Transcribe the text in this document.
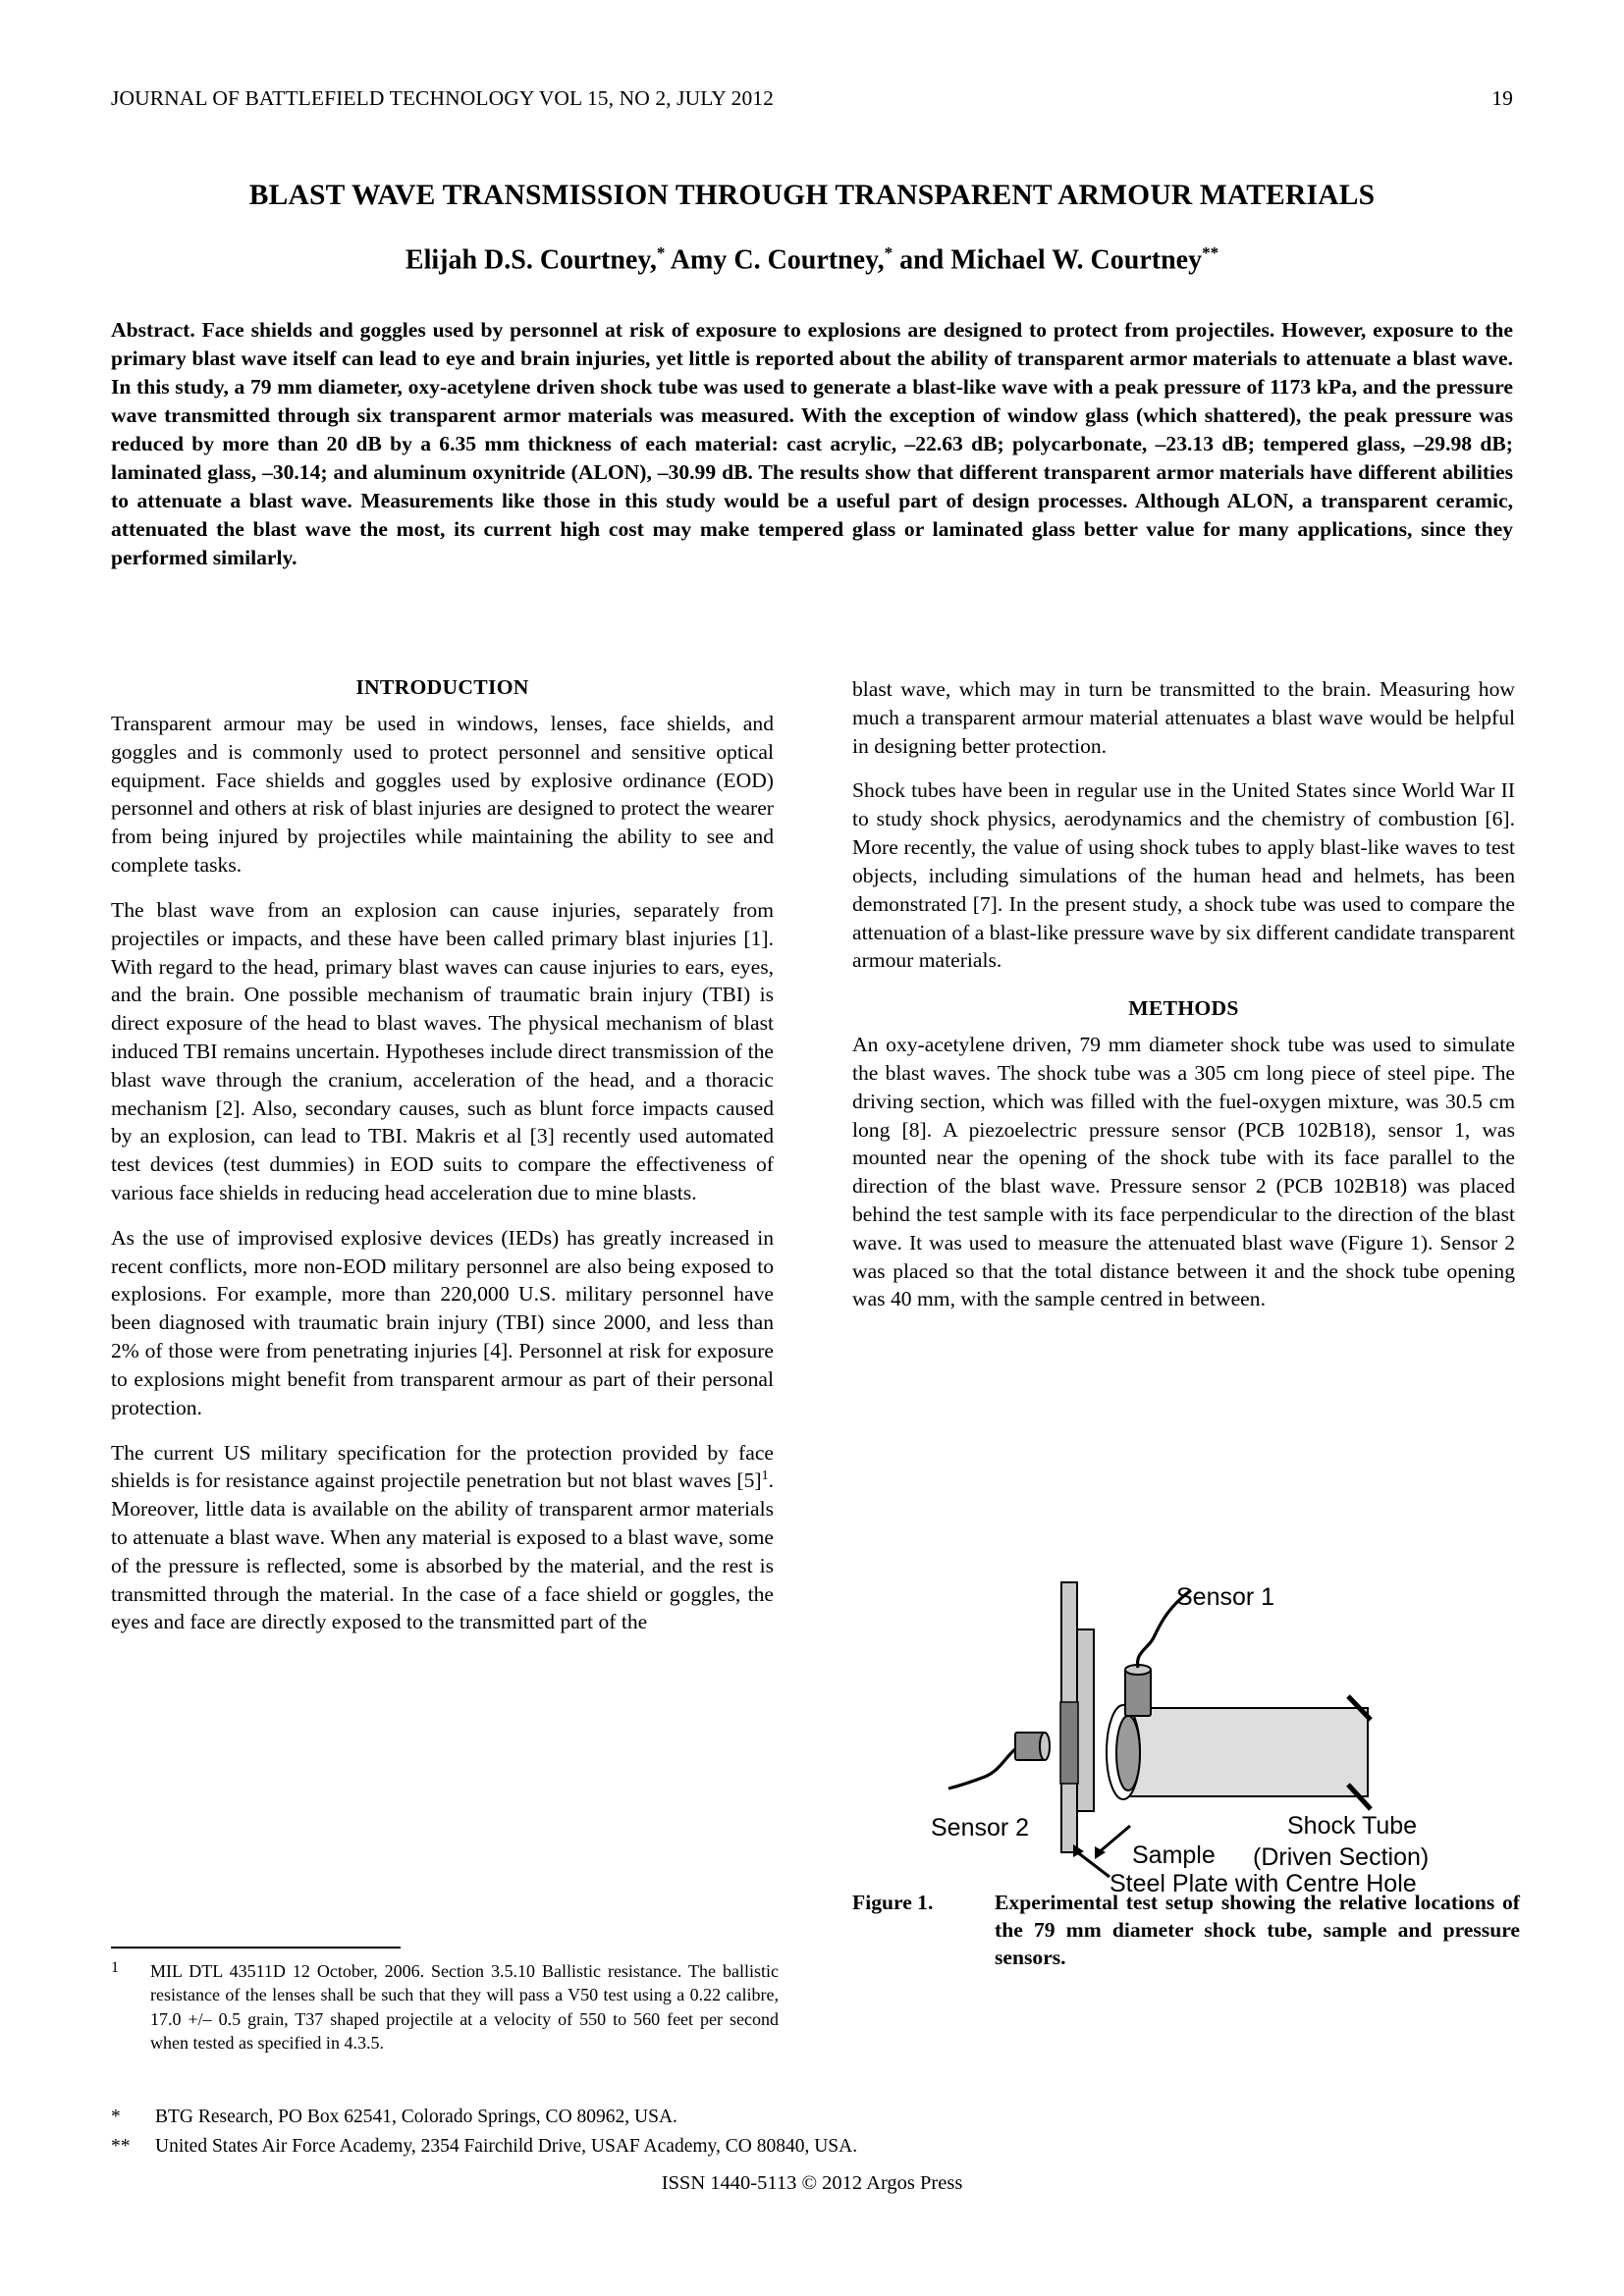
JOURNAL OF BATTLEFIELD TECHNOLOGY VOL 15, NO 2, JULY 2012	19
BLAST WAVE TRANSMISSION THROUGH TRANSPARENT ARMOUR MATERIALS
Elijah D.S. Courtney,* Amy C. Courtney,* and Michael W. Courtney**
Abstract. Face shields and goggles used by personnel at risk of exposure to explosions are designed to protect from projectiles. However, exposure to the primary blast wave itself can lead to eye and brain injuries, yet little is reported about the ability of transparent armor materials to attenuate a blast wave. In this study, a 79 mm diameter, oxy-acetylene driven shock tube was used to generate a blast-like wave with a peak pressure of 1173 kPa, and the pressure wave transmitted through six transparent armor materials was measured. With the exception of window glass (which shattered), the peak pressure was reduced by more than 20 dB by a 6.35 mm thickness of each material: cast acrylic, –22.63 dB; polycarbonate, –23.13 dB; tempered glass, –29.98 dB; laminated glass, –30.14; and aluminum oxynitride (ALON), –30.99 dB. The results show that different transparent armor materials have different abilities to attenuate a blast wave. Measurements like those in this study would be a useful part of design processes. Although ALON, a transparent ceramic, attenuated the blast wave the most, its current high cost may make tempered glass or laminated glass better value for many applications, since they performed similarly.
INTRODUCTION

Transparent armour may be used in windows, lenses, face shields, and goggles and is commonly used to protect personnel and sensitive optical equipment. Face shields and goggles used by explosive ordinance (EOD) personnel and others at risk of blast injuries are designed to protect the wearer from being injured by projectiles while maintaining the ability to see and complete tasks.

The blast wave from an explosion can cause injuries, separately from projectiles or impacts, and these have been called primary blast injuries [1]. With regard to the head, primary blast waves can cause injuries to ears, eyes, and the brain. One possible mechanism of traumatic brain injury (TBI) is direct exposure of the head to blast waves. The physical mechanism of blast induced TBI remains uncertain. Hypotheses include direct transmission of the blast wave through the cranium, acceleration of the head, and a thoracic mechanism [2]. Also, secondary causes, such as blunt force impacts caused by an explosion, can lead to TBI. Makris et al [3] recently used automated test devices (test dummies) in EOD suits to compare the effectiveness of various face shields in reducing head acceleration due to mine blasts.

As the use of improvised explosive devices (IEDs) has greatly increased in recent conflicts, more non-EOD military personnel are also being exposed to explosions. For example, more than 220,000 U.S. military personnel have been diagnosed with traumatic brain injury (TBI) since 2000, and less than 2% of those were from penetrating injuries [4]. Personnel at risk for exposure to explosions might benefit from transparent armour as part of their personal protection.

The current US military specification for the protection provided by face shields is for resistance against projectile penetration but not blast waves $[5]^1$. Moreover, little data is available on the ability of transparent armor materials to attenuate a blast wave. When any material is exposed to a blast wave, some of the pressure is reflected, some is absorbed by the material, and the rest is transmitted through the material. In the case of a face shield or goggles, the eyes and face are directly exposed to the transmitted part of the

blast wave, which may in turn be transmitted to the brain. Measuring how much a transparent armour material attenuates a blast wave would be helpful in designing better protection.

Shock tubes have been in regular use in the United States since World War II to study shock physics, aerodynamics and the chemistry of combustion [6]. More recently, the value of using shock tubes to apply blast-like waves to test objects, including simulations of the human head and helmets, has been demonstrated [7]. In the present study, a shock tube was used to compare the attenuation of a blast-like pressure wave by six different candidate transparent armour materials.

METHODS

An oxy-acetylene driven, 79 mm diameter shock tube was used to simulate the blast waves. The shock tube was a 305 cm long piece of steel pipe. The driving section, which was filled with the fuel-oxygen mixture, was 30.5 cm long [8]. A piezoelectric pressure sensor (PCB 102B18), sensor 1, was mounted near the opening of the shock tube with its face parallel to the direction of the blast wave. Pressure sensor 2 (PCB 102B18) was placed behind the test sample with its face perpendicular to the direction of the blast wave. It was used to measure the attenuated blast wave (Figure 1). Sensor 2 was placed so that the total distance between it and the shock tube opening was 40 mm, with the sample centred in between.

Sensor 1
Sensor 2	Shock Tube
(Driven Section)
Sample
Steel Plate with Centre Hole
Figure 1.	Experimental test setup showing the relative locations of the 79 mm diameter shock tube, sample and pressure sensors.
1 MIL DTL 43511D 12 October, 2006. Section 3.5.10 Ballistic resistance. The ballistic resistance of the lenses shall be such that they will pass a V50 test using a 0.22 calibre, 17.0 +/– 0.5 grain, T37 shaped projectile at a velocity of 550 to 560 feet per second when tested as specified in 4.3.5.
*	BTG Research, PO Box 62541, Colorado Springs, CO 80962, USA.
**	United States Air Force Academy, 2354 Fairchild Drive, USAF Academy, CO 80840, USA.
ISSN 1440-5113 © 2012 Argos Press
